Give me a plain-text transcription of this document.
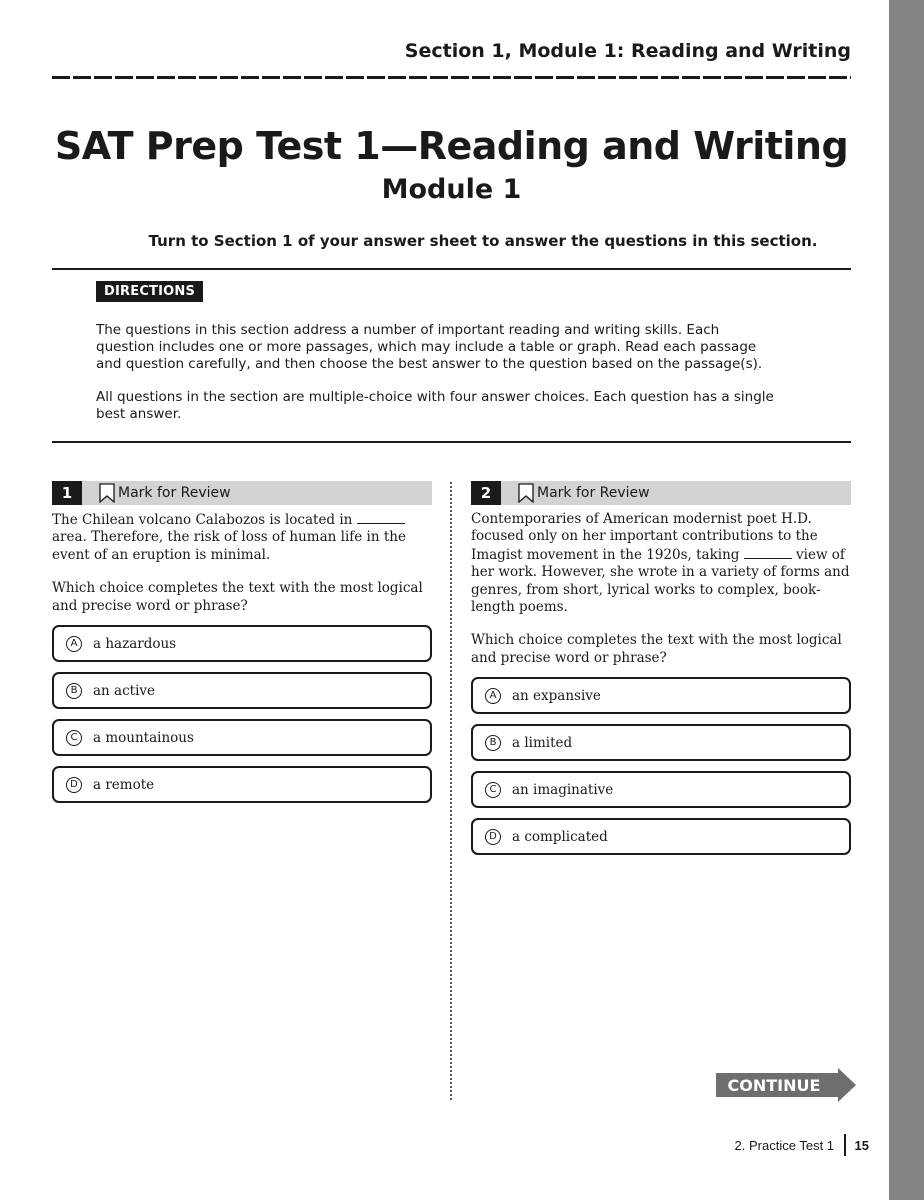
Section 1, Module 1: Reading and Writing
SAT Prep Test 1—Reading and Writing
Module 1
Turn to Section 1 of your answer sheet to answer the questions in this section.
DIRECTIONS
The questions in this section address a number of important reading and writing skills. Each question includes one or more passages, which may include a table or graph. Read each passage and question carefully, and then choose the best answer to the question based on the passage(s).
All questions in the section are multiple-choice with four answer choices. Each question has a single best answer.
1	Mark for Review
The Chilean volcano Calabozos is located in  area. Therefore, the risk of loss of human life in the event of an eruption is minimal.
Which choice completes the text with the most logical and precise word or phrase?
A	a hazardous
B	an active
C	a mountainous
D	a remote
2	Mark for Review
Contemporaries of American modernist poet H.D. focused only on her important contributions to the Imagist movement in the 1920s, taking	view of her work. However, she wrote in a variety of forms and genres, from short, lyrical works to complex, book-length poems.
Which choice completes the text with the most logical and precise word or phrase?
A	an expansive
B	a limited
C	an imaginative
D	a complicated
CONTINUE
2. Practice Test 1 15
